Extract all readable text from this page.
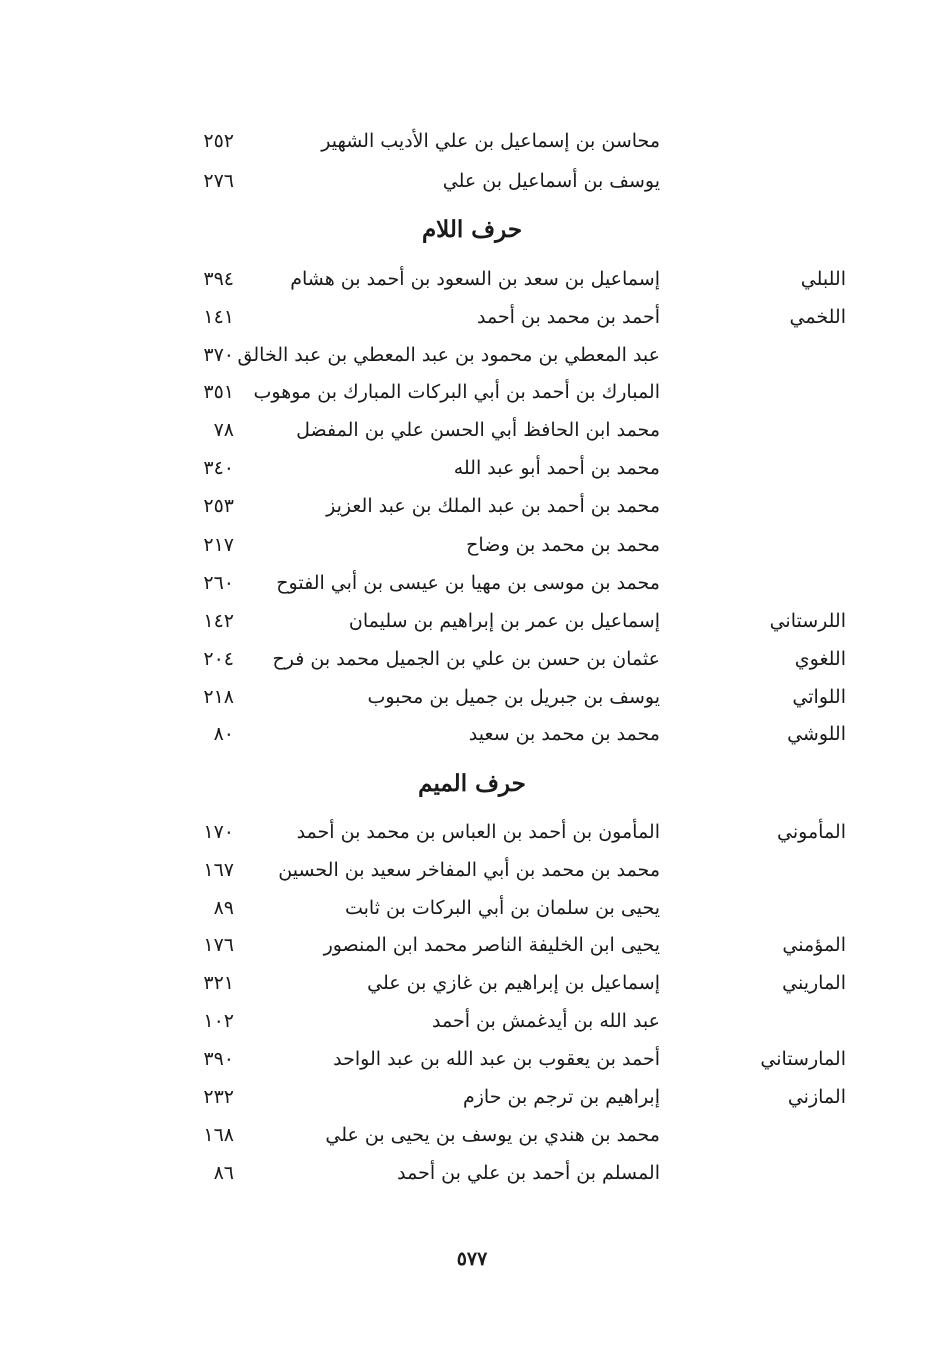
محاسن بن إسماعيل بن علي الأديب الشهير
٢٥٢
يوسف بن أسماعيل بن علي
٢٧٦
حرف اللام
اللبلي
إسماعيل بن سعد بن السعود بن أحمد بن هشام
٣٩٤
اللخمي
أحمد بن محمد بن أحمد
١٤١
عبد المعطي بن محمود بن عبد المعطي بن عبد الخالق
٣٧٠
المبارك بن أحمد بن أبي البركات المبارك بن موهوب
٣٥١
محمد ابن الحافظ أبي الحسن علي بن المفضل
٧٨
محمد بن أحمد أبو عبد الله
٣٤٠
محمد بن أحمد بن عبد الملك بن عبد العزيز
٢٥٣
محمد بن محمد بن وضاح
٢١٧
محمد بن موسى بن مهيا بن عيسى بن أبي الفتوح
٢٦٠
اللرستاني
إسماعيل بن عمر بن إبراهيم بن سليمان
١٤٢
اللغوي
عثمان بن حسن بن علي بن الجميل محمد بن فرح
٢٠٤
اللواتي
يوسف بن جبريل بن جميل بن محبوب
٢١٨
اللوشي
محمد بن محمد بن سعيد
٨٠
حرف الميم
المأموني
المأمون بن أحمد بن العباس بن محمد بن أحمد
١٧٠
محمد بن محمد بن أبي المفاخر سعيد بن الحسين
١٦٧
يحيى بن سلمان بن أبي البركات بن ثابت
٨٩
المؤمني
يحيى ابن الخليفة الناصر محمد ابن المنصور
١٧٦
الماريني
إسماعيل بن إبراهيم بن غازي بن علي
٣٢١
عبد الله بن أيدغمش بن أحمد
١٠٢
المارستاني
أحمد بن يعقوب بن عبد الله بن عبد الواحد
٣٩٠
المازني
إبراهيم بن ترجم بن حازم
٢٣٢
محمد بن هندي بن يوسف بن يحيى بن علي
١٦٨
المسلم بن أحمد بن علي بن أحمد
٨٦
٥٧٧
